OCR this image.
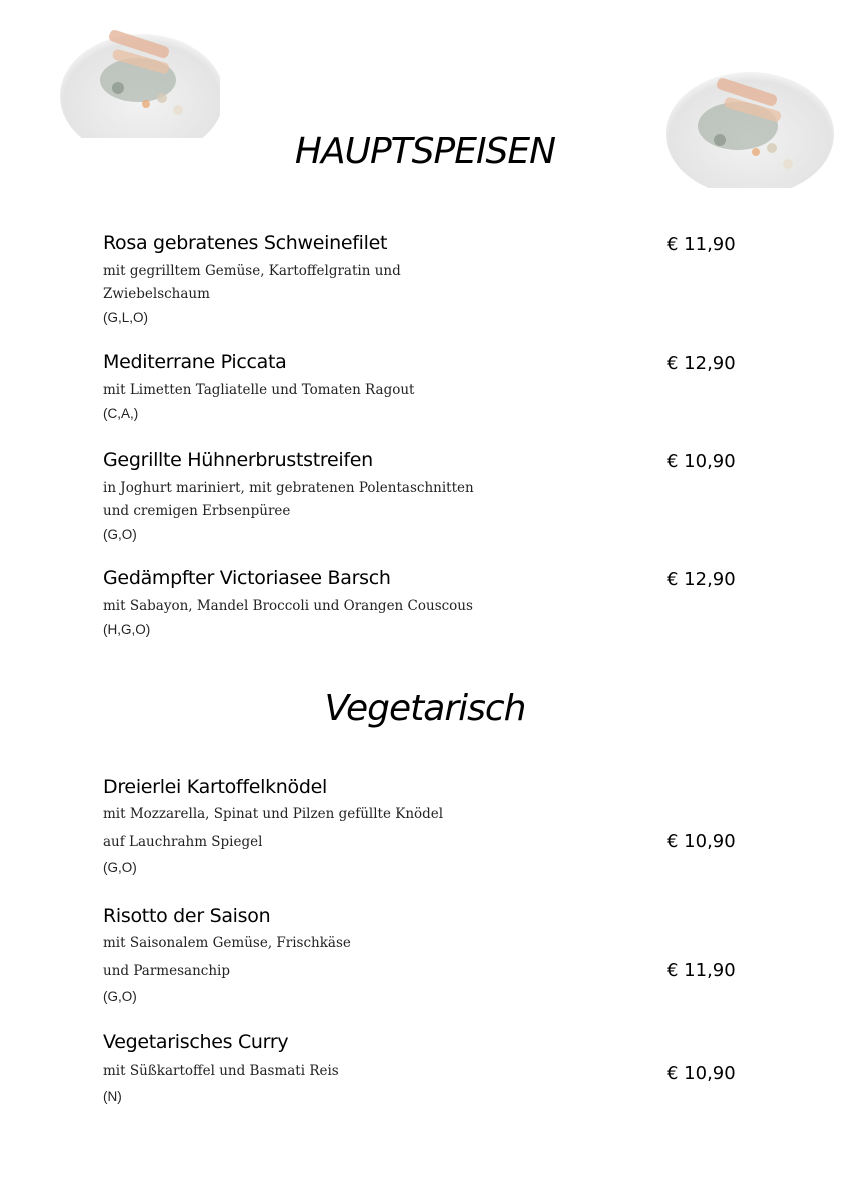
HAUPTSPEISEN
Rosa gebratenes Schweinefilet
mit gegrilltem Gemüse, Kartoffelgratin und
Zwiebelschaum
(G,L,O)
€ 11,90
Mediterrane Piccata
mit Limetten Tagliatelle und Tomaten Ragout
(C,A,)
€ 12,90
Gegrillte Hühnerbruststreifen
in Joghurt mariniert, mit gebratenen Polentaschnitten
und cremigen Erbsenpüree
(G,O)
€ 10,90
Gedämpfter Victoriasee Barsch
mit Sabayon, Mandel Broccoli und Orangen Couscous
(H,G,O)
€ 12,90
Vegetarisch
Dreierlei Kartoffelknödel
mit Mozzarella, Spinat und Pilzen gefüllte Knödel
auf Lauchrahm Spiegel
(G,O)
€ 10,90
Risotto der Saison
mit Saisonalem Gemüse, Frischkäse
und Parmesanchip
(G,O)
€ 11,90
Vegetarisches Curry
mit Süßkartoffel und Basmati Reis
(N)
€ 10,90
